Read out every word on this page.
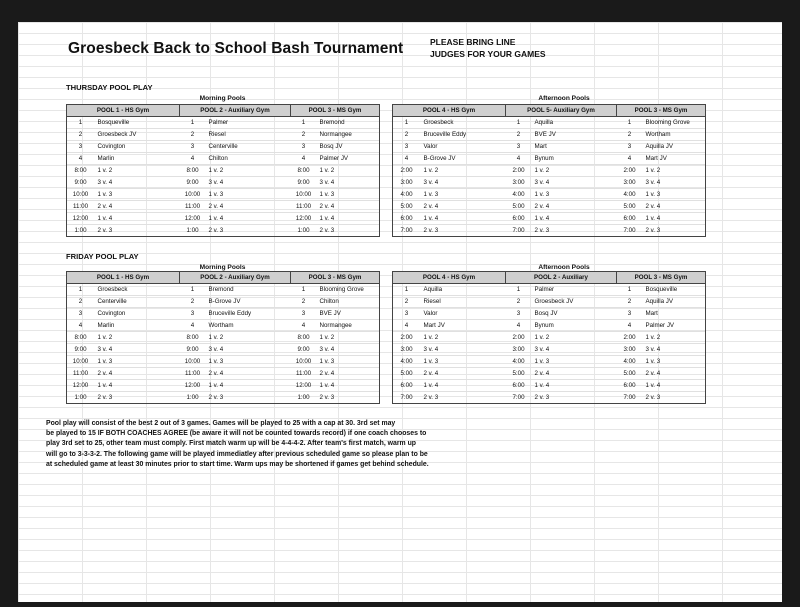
Groesbeck Back to School Bash Tournament	PLEASE BRING LINE
JUDGES FOR YOUR GAMES
THURSDAY POOL PLAY
Morning Pools	Afternoon Pools
POOL 1 - HS Gym		POOL 2 - Auxiliary Gym		POOL 3 - MS Gym	
1	Bosqueville	1	Palmer	1	Bremond
2	Groesbeck JV	2	Riesel	2	Normangee
3	Covington	3	Centerville	3	Bosq JV
4	Marlin	4	Chilton	4	Palmer JV
8:00	1 v. 2	8:00	1 v. 2	8:00	1 v. 2
9:00	3 v. 4	9:00	3 v. 4	9:00	3 v. 4
10:00	1 v. 3	10:00	1 v. 3	10:00	1 v. 3
11:00	2 v. 4	11:00	2 v. 4	11:00	2 v. 4
12:00	1 v. 4	12:00	1 v. 4	12:00	1 v. 4
1:00	2 v. 3	1:00	2 v. 3	1:00	2 v. 3
POOL 4 - HS Gym		POOL 5- Auxiliary Gym		POOL 3 - MS Gym	
1	Groesbeck	1	Aquilla	1	Blooming Grove
2	Bruceville Eddy	2	BVE JV	2	Wortham
3	Valor	3	Mart	3	Aquilla JV
4	B-Grove JV	4	Bynum	4	Mart JV
2:00	1 v. 2	2:00	1 v. 2	2:00	1 v. 2
3:00	3 v. 4	3:00	3 v. 4	3:00	3 v. 4
4:00	1 v. 3	4:00	1 v. 3	4:00	1 v. 3
5:00	2 v. 4	5:00	2 v. 4	5:00	2 v. 4
6:00	1 v. 4	6:00	1 v. 4	6:00	1 v. 4
7:00	2 v. 3	7:00	2 v. 3	7:00	2 v. 3
FRIDAY POOL PLAY
Morning Pools	Afternoon Pools
POOL 1 - HS Gym		POOL 2 - Auxiliary Gym		POOL 3 - MS Gym	
1	Groesbeck	1	Bremond	1	Blooming Grove
2	Centerville	2	B-Grove JV	2	Chilton
3	Covington	3	Bruceville Eddy	3	BVE JV
4	Marlin	4	Wortham	4	Normangee
8:00	1 v. 2	8:00	1 v. 2	8:00	1 v. 2
9:00	3 v. 4	9:00	3 v. 4	9:00	3 v. 4
10:00	1 v. 3	10:00	1 v. 3	10:00	1 v. 3
11:00	2 v. 4	11:00	2 v. 4	11:00	2 v. 4
12:00	1 v. 4	12:00	1 v. 4	12:00	1 v. 4
1:00	2 v. 3	1:00	2 v. 3	1:00	2 v. 3
POOL 4 - HS Gym		POOL 2 - Auxiliary		POOL 3 - MS Gym	
1	Aquilla	1	Palmer	1	Bosqueville
2	Riesel	2	Groesbeck JV	2	Aquilla JV
3	Valor	3	Bosq JV	3	Mart
4	Mart JV	4	Bynum	4	Palmer JV
2:00	1 v. 2	2:00	1 v. 2	2:00	1 v. 2
3:00	3 v. 4	3:00	3 v. 4	3:00	3 v. 4
4:00	1 v. 3	4:00	1 v. 3	4:00	1 v. 3
5:00	2 v. 4	5:00	2 v. 4	5:00	2 v. 4
6:00	1 v. 4	6:00	1 v. 4	6:00	1 v. 4
7:00	2 v. 3	7:00	2 v. 3	7:00	2 v. 3
Pool play will consist of the best 2 out of 3 games. Games will be played to 25 with a cap at 30. 3rd set may
be played to 15 IF BOTH COACHES AGREE (be aware it will not be counted towards record) if one coach chooses to
play 3rd set to 25, other team must comply. First match warm up will be 4-4-4-2. After team's first match, warm up
will go to 3-3-3-2. The following game will be played immediatley after previous scheduled game so please plan to be
at scheduled game at least 30 minutes prior to start time. Warm ups may be shortened if games get behind schedule.
